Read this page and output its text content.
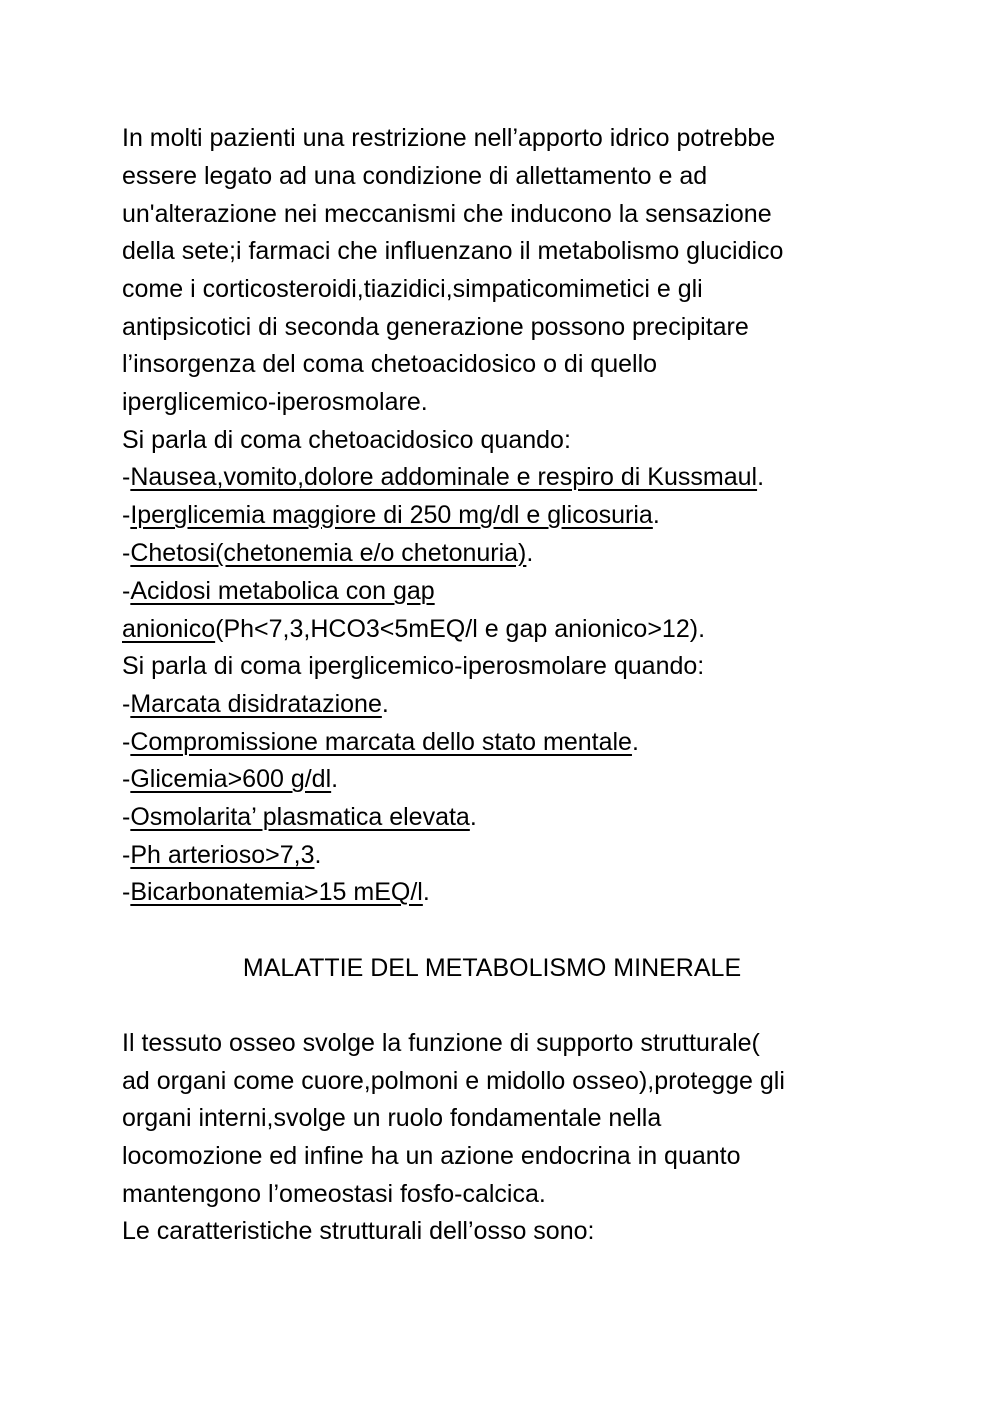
In molti pazienti una restrizione nell’apporto idrico potrebbe
essere legato ad una condizione di allettamento e ad
un'alterazione nei meccanismi che inducono la sensazione
della sete;i farmaci che influenzano il metabolismo glucidico
come i corticosteroidi,tiazidici,simpaticomimetici e gli
antipsicotici di seconda generazione possono precipitare
l’insorgenza del coma chetoacidosico o di quello
iperglicemico-iperosmolare.
Si parla di coma chetoacidosico quando:
-Nausea,vomito,dolore addominale e respiro di Kussmaul.
-Iperglicemia maggiore di 250 mg/dl e glicosuria.
-Chetosi(chetonemia e/o chetonuria).
-Acidosi metabolica con gap
anionico(Ph<7,3,HCO3<5mEQ/l e gap anionico>12).
Si parla di coma iperglicemico-iperosmolare quando:
-Marcata disidratazione.
-Compromissione marcata dello stato mentale.
-Glicemia>600 g/dl.
-Osmolarita’ plasmatica elevata.
-Ph arterioso>7,3.
-Bicarbonatemia>15 mEQ/l.
MALATTIE DEL METABOLISMO MINERALE
Il tessuto osseo svolge la funzione di supporto strutturale(
ad organi come cuore,polmoni e midollo osseo),protegge gli
organi interni,svolge un ruolo fondamentale nella
locomozione ed infine ha un azione endocrina in quanto
mantengono l’omeostasi fosfo-calcica.
Le caratteristiche strutturali dell’osso sono:
